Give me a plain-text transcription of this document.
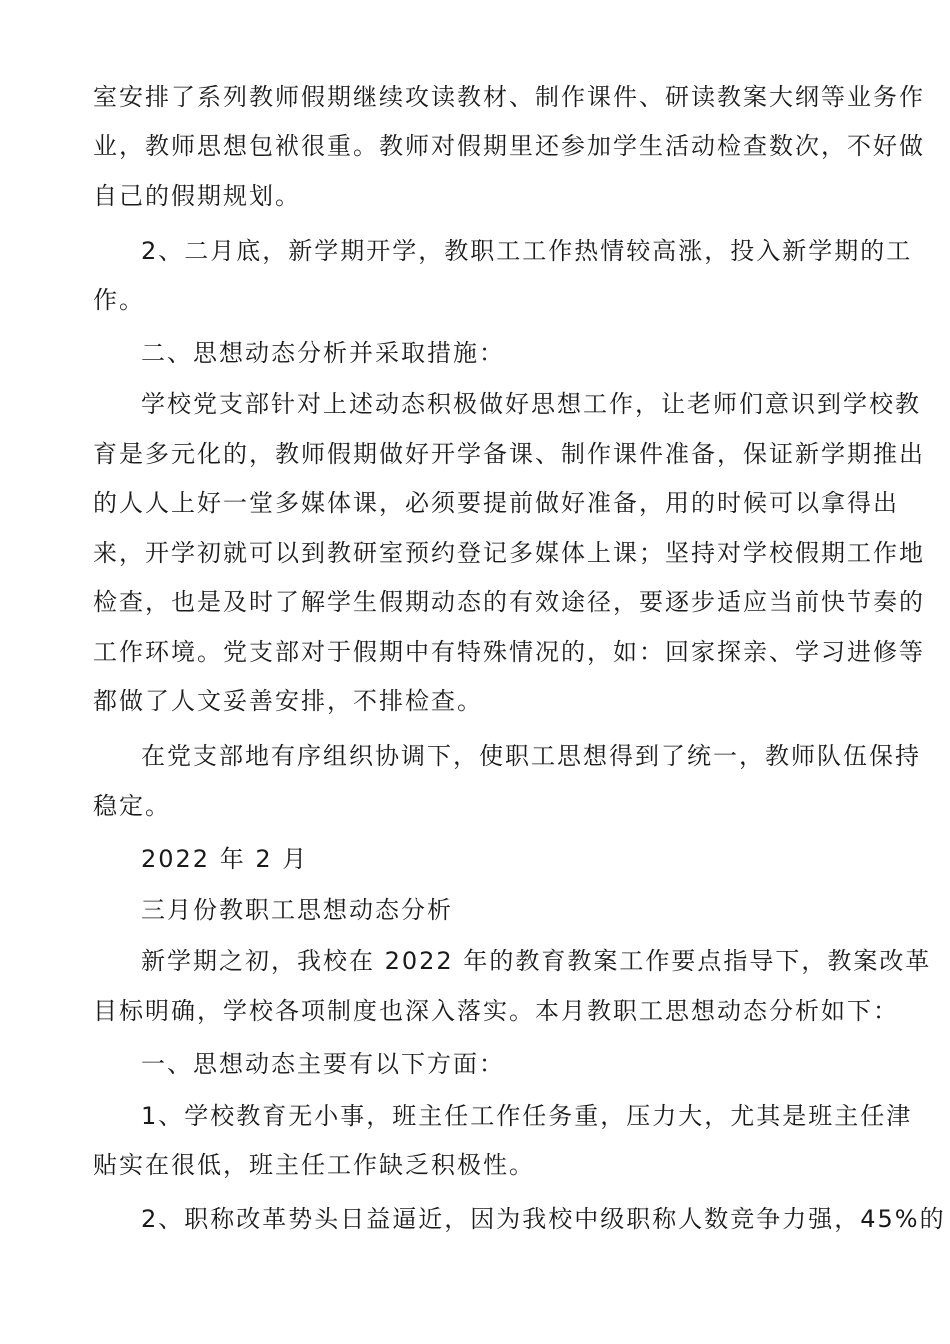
室安排了系列教师假期继续攻读教材、制作课件、研读教案大纲等业务作
业，教师思想包袱很重。教师对假期里还参加学生活动检查数次，不好做
自己的假期规划。
2、二月底，新学期开学，教职工工作热情较高涨，投入新学期的工
作。
二、思想动态分析并采取措施：
学校党支部针对上述动态积极做好思想工作，让老师们意识到学校教
育是多元化的，教师假期做好开学备课、制作课件准备，保证新学期推出
的人人上好一堂多媒体课，必须要提前做好准备，用的时候可以拿得出
来，开学初就可以到教研室预约登记多媒体上课；坚持对学校假期工作地
检查，也是及时了解学生假期动态的有效途径，要逐步适应当前快节奏的
工作环境。党支部对于假期中有特殊情况的，如：回家探亲、学习进修等
都做了人文妥善安排，不排检查。
在党支部地有序组织协调下，使职工思想得到了统一，教师队伍保持
稳定。
2022 年 2 月
三月份教职工思想动态分析
新学期之初，我校在 2022 年的教育教案工作要点指导下，教案改革
目标明确，学校各项制度也深入落实。本月教职工思想动态分析如下：
一、思想动态主要有以下方面：
1、学校教育无小事，班主任工作任务重，压力大，尤其是班主任津
贴实在很低，班主任工作缺乏积极性。
2、职称改革势头日益逼近，因为我校中级职称人数竞争力强，45%的
